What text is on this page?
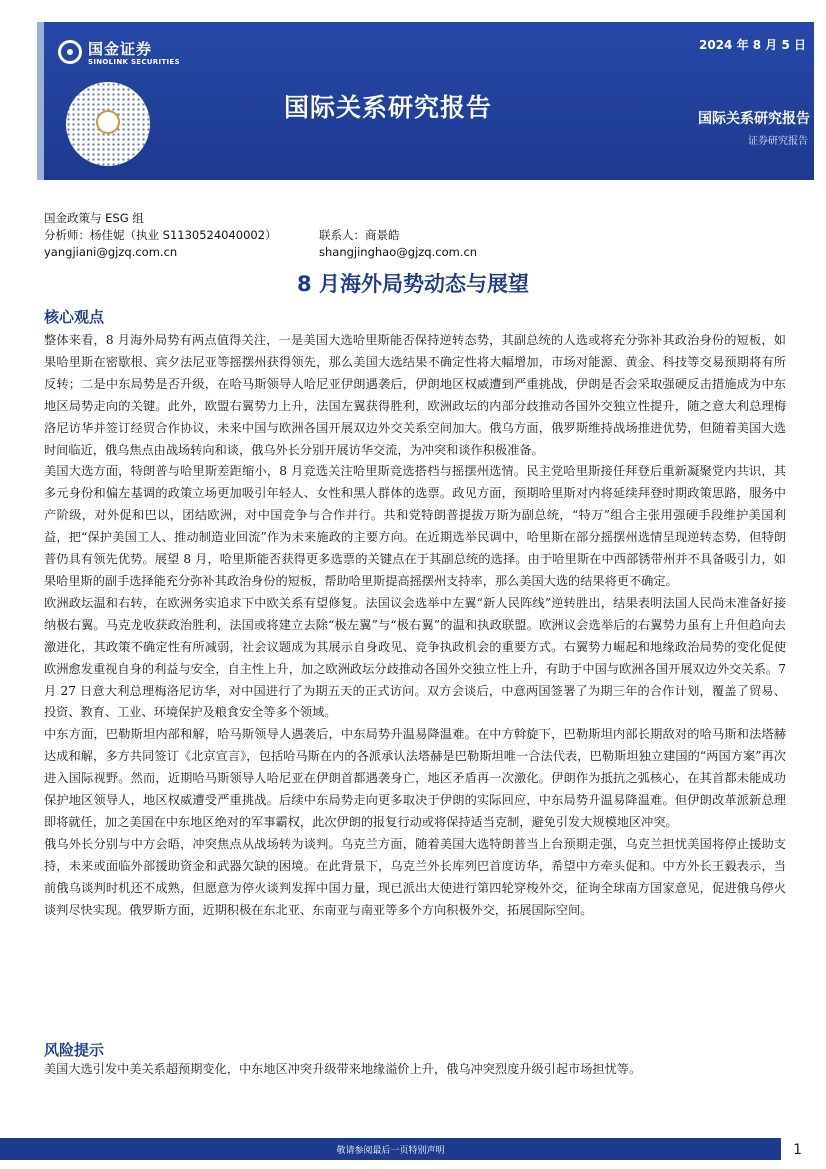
国金证券
SINOLINK SECURITIES
2024 年 8 月 5 日
国际关系研究报告	国际关系研究报告
证券研究报告
国金政策与 ESG 组
分析师：杨佳妮（执业 S1130524040002）	联系人：商景皓
yangjiani@gjzq.com.cn	shangjinghao@gjzq.com.cn
8 月海外局势动态与展望
核心观点

整体来看，8 月海外局势有两点值得关注，一是美国大选哈里斯能否保持逆转态势，其副总统的人选或将充分弥补其政治身份的短板，如果哈里斯在密歇根、宾夕法尼亚等摇摆州获得领先，那么美国大选结果不确定性将大幅增加，市场对能源、黄金、科技等交易预期将有所反转；二是中东局势是否升级，在哈马斯领导人哈尼亚伊朗遇袭后，伊朗地区权威遭到严重挑战，伊朗是否会采取强硬反击措施成为中东地区局势走向的关键。此外，欧盟右翼势力上升，法国左翼获得胜利，欧洲政坛的内部分歧推动各国外交独立性提升，随之意大利总理梅洛尼访华并签订经贸合作协议，未来中国与欧洲各国开展双边外交关系空间加大。俄乌方面，俄罗斯维持战场推进优势，但随着美国大选时间临近，俄乌焦点由战场转向和谈，俄乌外长分别开展访华交流，为冲突和谈作积极准备。

美国大选方面，特朗普与哈里斯差距缩小，8 月竞选关注哈里斯竞选搭档与摇摆州选情。民主党哈里斯接任拜登后重新凝聚党内共识，其多元身份和偏左基调的政策立场更加吸引年轻人、女性和黑人群体的选票。政见方面，预期哈里斯对内将延续拜登时期政策思路，服务中产阶级，对外促和巴以，团结欧洲，对中国竞争与合作并行。共和党特朗普提拔万斯为副总统，“特万”组合主张用强硬手段维护美国利益，把“保护美国工人、推动制造业回流”作为未来施政的主要方向。在近期选举民调中，哈里斯在部分摇摆州选情呈现逆转态势，但特朗普仍具有领先优势。展望 8 月，哈里斯能否获得更多选票的关键点在于其副总统的选择。由于哈里斯在中西部锈带州并不具备吸引力，如果哈里斯的副手选择能充分弥补其政治身份的短板，帮助哈里斯提高摇摆州支持率，那么美国大选的结果将更不确定。

欧洲政坛温和右转，在欧洲务实追求下中欧关系有望修复。法国议会选举中左翼“新人民阵线”逆转胜出，结果表明法国人民尚未准备好接纳极右翼。马克龙收获政治胜利，法国或将建立去除“极左翼”与“极右翼”的温和执政联盟。欧洲议会选举后的右翼势力虽有上升但趋向去激进化，其政策不确定性有所减弱，社会议题成为其展示自身政见、竞争执政机会的重要方式。右翼势力崛起和地缘政治局势的变化促使欧洲愈发重视自身的利益与安全，自主性上升，加之欧洲政坛分歧推动各国外交独立性上升，有助于中国与欧洲各国开展双边外交关系。7 月 27 日意大利总理梅洛尼访华，对中国进行了为期五天的正式访问。双方会谈后，中意两国签署了为期三年的合作计划，覆盖了贸易、投资、教育、工业、环境保护及粮食安全等多个领域。

中东方面，巴勒斯坦内部和解，哈马斯领导人遇袭后，中东局势升温易降温难。在中方斡旋下，巴勒斯坦内部长期敌对的哈马斯和法塔赫达成和解，多方共同签订《北京宣言》，包括哈马斯在内的各派承认法塔赫是巴勒斯坦唯一合法代表，巴勒斯坦独立建国的“两国方案”再次进入国际视野。然而，近期哈马斯领导人哈尼亚在伊朗首都遇袭身亡，地区矛盾再一次激化。伊朗作为抵抗之弧核心，在其首都未能成功保护地区领导人，地区权威遭受严重挑战。后续中东局势走向更多取决于伊朗的实际回应，中东局势升温易降温难。但伊朗改革派新总理即将就任，加之美国在中东地区绝对的军事霸权，此次伊朗的报复行动或将保持适当克制，避免引发大规模地区冲突。

俄乌外长分别与中方会晤，冲突焦点从战场转为谈判。乌克兰方面，随着美国大选特朗普当上台预期走强，乌克兰担忧美国将停止援助支持，未来或面临外部援助资金和武器欠缺的困境。在此背景下，乌克兰外长库列巴首度访华，希望中方牵头促和。中方外长王毅表示，当前俄乌谈判时机还不成熟，但愿意为停火谈判发挥中国力量，现已派出大使进行第四轮穿梭外交，征询全球南方国家意见，促进俄乌停火谈判尽快实现。俄罗斯方面，近期积极在东北亚、东南亚与南亚等多个方向积极外交，拓展国际空间。

风险提示
美国大选引发中美关系超预期变化，中东地区冲突升级带来地缘溢价上升，俄乌冲突烈度升级引起市场担忧等。
敬请参阅最后一页特别声明	1
